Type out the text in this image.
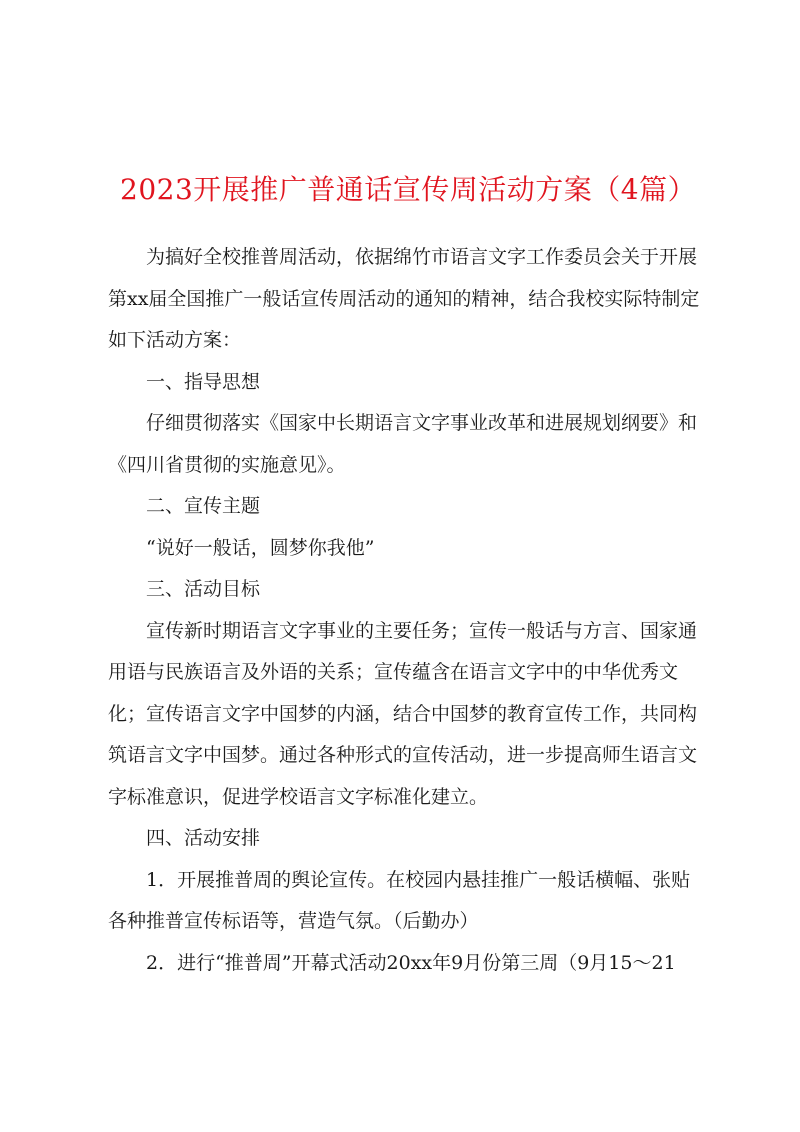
2023开展推广普通话宣传周活动方案（4篇）

为搞好全校推普周活动，依据绵竹市语言文字工作委员会关于开展第xx届全国推广一般话宣传周活动的通知的精神，结合我校实际特制定如下活动方案：

一、指导思想

仔细贯彻落实《国家中长期语言文字事业改革和进展规划纲要》和《四川省贯彻的实施意见》。

二、宣传主题

“说好一般话，圆梦你我他”

三、活动目标

宣传新时期语言文字事业的主要任务；宣传一般话与方言、国家通用语与民族语言及外语的关系；宣传蕴含在语言文字中的中华优秀文化；宣传语言文字中国梦的内涵，结合中国梦的教育宣传工作，共同构筑语言文字中国梦。通过各种形式的宣传活动，进一步提高师生语言文字标准意识，促进学校语言文字标准化建立。

四、活动安排

1．开展推普周的舆论宣传。在校园内悬挂推广一般话横幅、张贴各种推普宣传标语等，营造气氛。（后勤办）

2．进行“推普周”开幕式活动20xx年9月份第三周（9月15～21
